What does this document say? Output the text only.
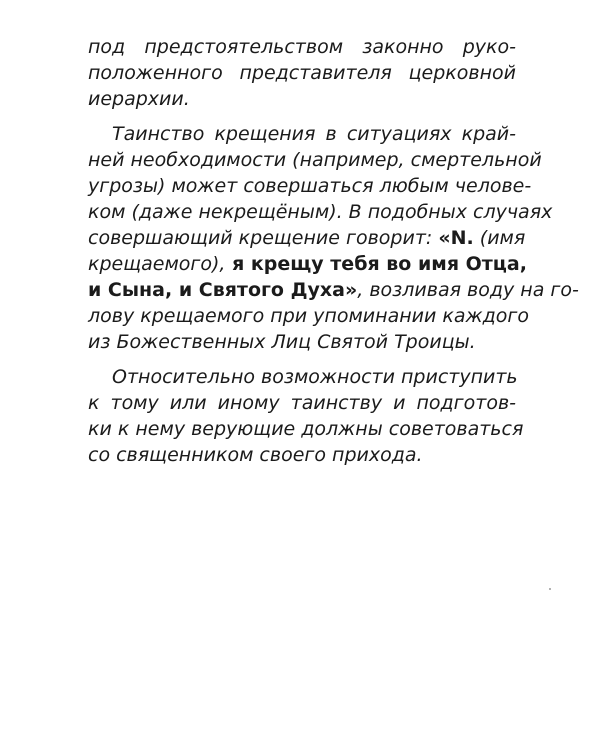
под предстоятельством законно руко-
положенного представителя церковной
иерархии.
Таинство крещения в ситуациях край-
ней необходимости (например, смертельной
угрозы) может совершаться любым челове-
ком (даже некрещёным). В подобных случаях
совершающий крещение говорит: «N. (имя
крещаемого), я крещу тебя во имя Отца,
и Сына, и Святого Духа», возливая воду на го-
лову крещаемого при упоминании каждого
из Божественных Лиц Святой Троицы.
Относительно возможности приступить
к тому или иному таинству и подготов-
ки к нему верующие должны советоваться
со священником своего прихода.
